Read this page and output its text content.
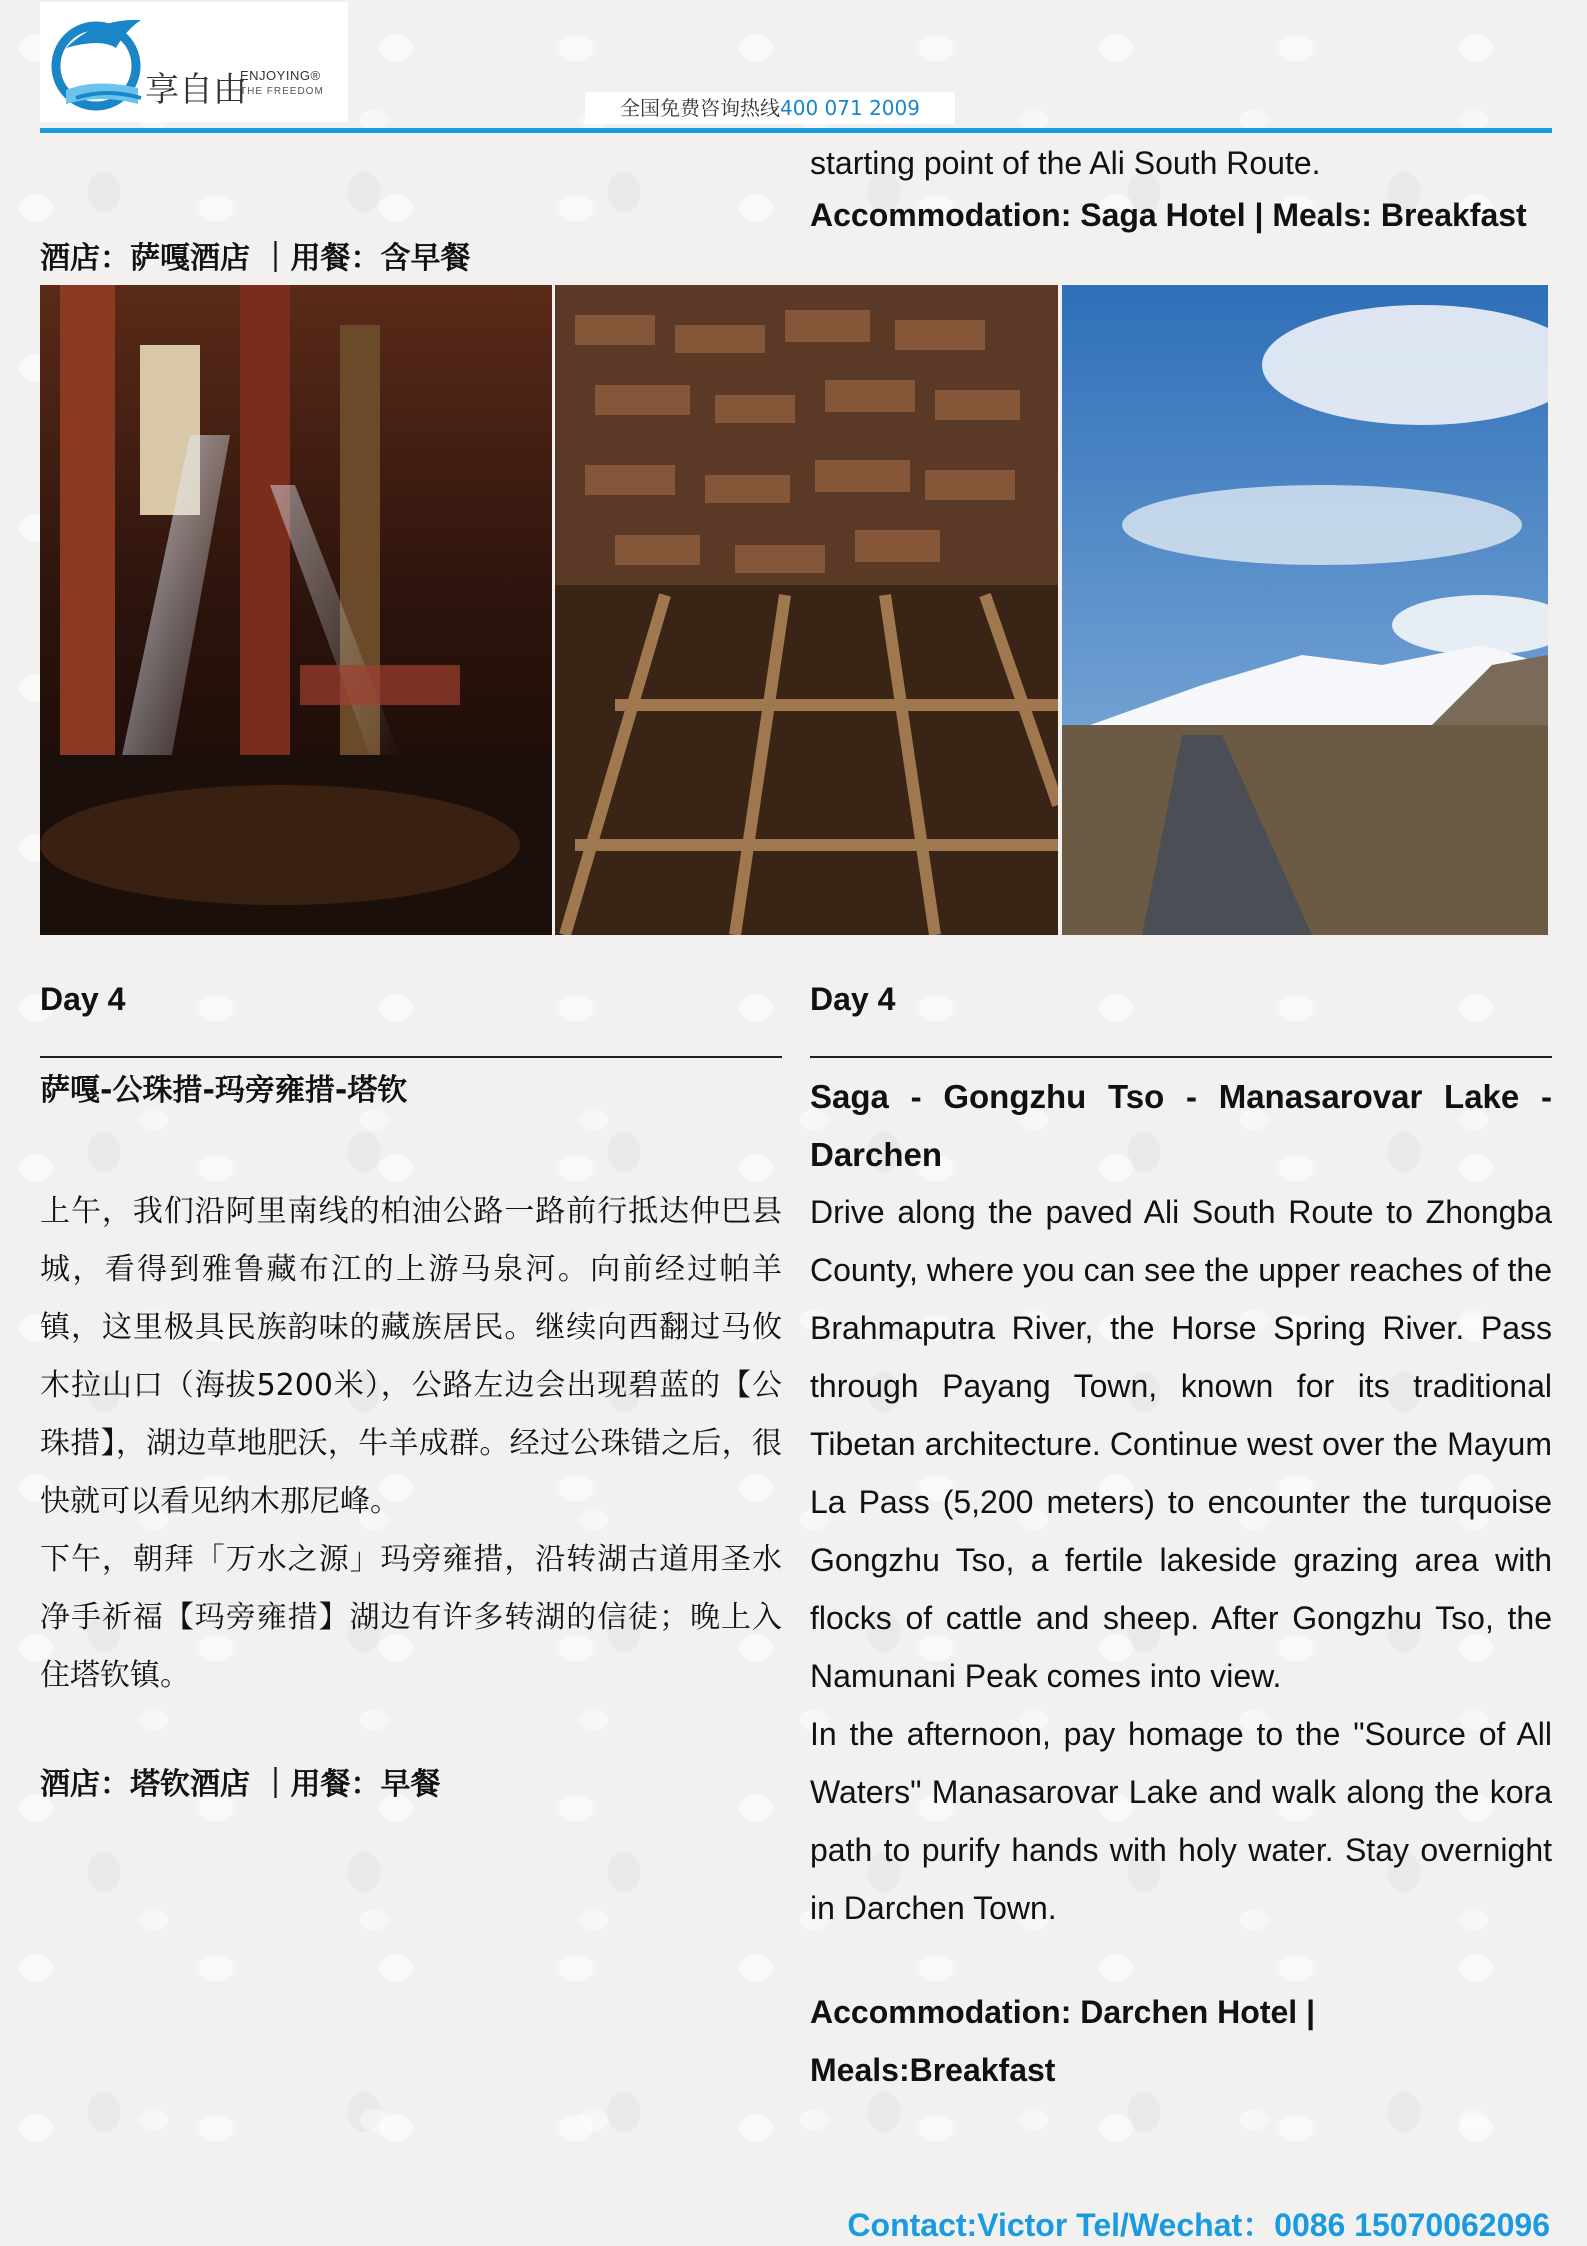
享自由
ENJOYING®
THE FREEDOM
全国免费咨询热线400 071 2009
starting point of the Ali South Route.
Accommodation: Saga Hotel | Meals: Breakfast
酒店：萨嘎酒店 ｜用餐：含早餐
Day 4	Day 4
萨嘎-公珠措-玛旁雍措-塔钦	Saga - Gongzhu Tso - Manasarovar Lake - Darchen

上午，我们沿阿里南线的柏油公路一路前行抵达仲巴县城，看得到雅鲁藏布江的上游马泉河。向前经过帕羊镇，这里极具民族韵味的藏族居民。继续向西翻过马攸木拉山口（海拔5200米），公路左边会出现碧蓝的【公珠措】，湖边草地肥沃，牛羊成群。经过公珠错之后，很快就可以看见纳木那尼峰。

下午，朝拜「万水之源」玛旁雍措，沿转湖古道用圣水净手祈福【玛旁雍措】湖边有许多转湖的信徒；晚上入住塔钦镇。

酒店：塔钦酒店 ｜用餐：早餐

Drive along the paved Ali South Route to Zhongba County, where you can see the upper reaches of the Brahmaputra River, the Horse Spring River. Pass through Payang Town, known for its traditional Tibetan architecture. Continue west over the Mayum La Pass (5,200 meters) to encounter the turquoise Gongzhu Tso, a fertile lakeside grazing area with flocks of cattle and sheep. After Gongzhu Tso, the Namunani Peak comes into view.

In the afternoon, pay homage to the "Source of All Waters" Manasarovar Lake and walk along the kora path to purify hands with holy water. Stay overnight in Darchen Town.

Accommodation: Darchen Hotel | Meals:Breakfast
Contact:Victor Tel/Wechat：0086 15070062096
